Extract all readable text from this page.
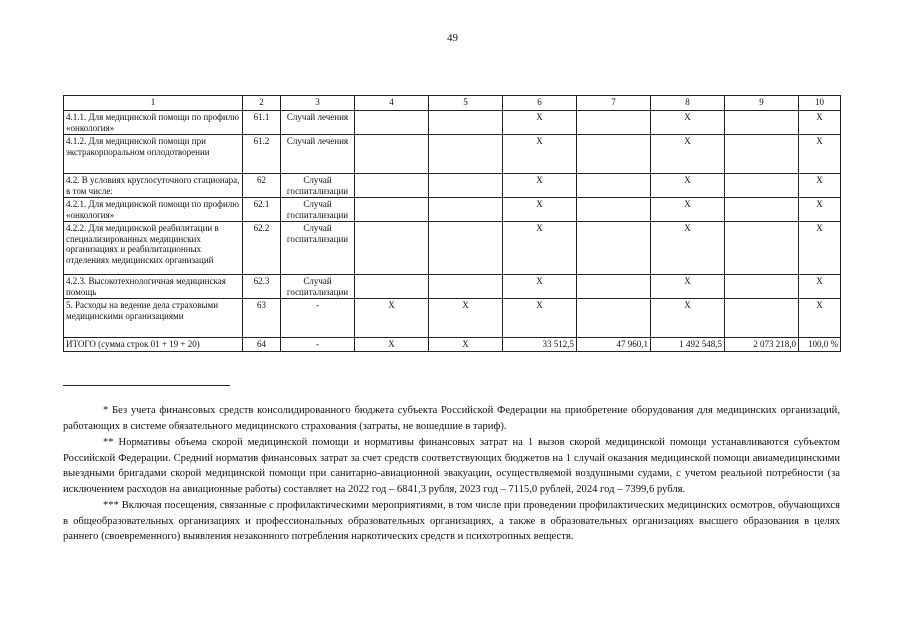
49
1	2	3	4	5	6	7	8	9	10
4.1.1. Для медицинской помощи по профилю «онкология»	61.1	Случай лечения			X		X		X
4.1.2. Для медицинской помощи при экстракорпоральном оплодотворении	61.2	Случай лечения			X		X		X
4.2. В условиях круглосуточного стационара, в том числе:	62	Случай госпитализации			X		X		X
4.2.1. Для медицинской помощи по профилю «онкология»	62.1	Случай госпитализации			X		X		X
4.2.2. Для медицинской реабилитации в специализированных медицинских организациях и реабилитационных отделениях медицинских организаций	62.2	Случай госпитализации			X		X		X
4.2.3. Высокотехнологичная медицинская помощь	62.3	Случай госпитализации			X		X		X
5. Расходы на ведение дела страховыми медицинскими организациями	63	-	X	X	X		X		X
ИТОГО (сумма строк 01 + 19 + 20)	64	-	X	X	33 512,5	47 960,1	1 492 548,5	2 073 218,0	100,0 %

* Без учета финансовых средств консолидированного бюджета субъекта Российской Федерации на приобретение оборудования для медицинских организаций, работающих в системе обязательного медицинского страхования (затраты, не вошедшие в тариф).

** Нормативы объема скорой медицинской помощи и нормативы финансовых затрат на 1 вызов скорой медицинской помощи устанавливаются субъектом Российской Федерации. Средний норматив финансовых затрат за счет средств соответствующих бюджетов на 1 случай оказания медицинской помощи авиамедицинскими выездными бригадами скорой медицинской помощи при санитарно-авиационной эвакуации, осуществляемой воздушными судами, с учетом реальной потребности (за исключением расходов на авиационные работы) составляет на 2022 год – 6841,3 рубля, 2023 год – 7115,0 рублей, 2024 год – 7399,6 рубля.

*** Включая посещения, связанные с профилактическими мероприятиями, в том числе при проведении профилактических медицинских осмотров, обучающихся в общеобразовательных организациях и профессиональных образовательных организациях, а также в образовательных организациях высшего образования в целях раннего (своевременного) выявления незаконного потребления наркотических средств и психотропных веществ.
